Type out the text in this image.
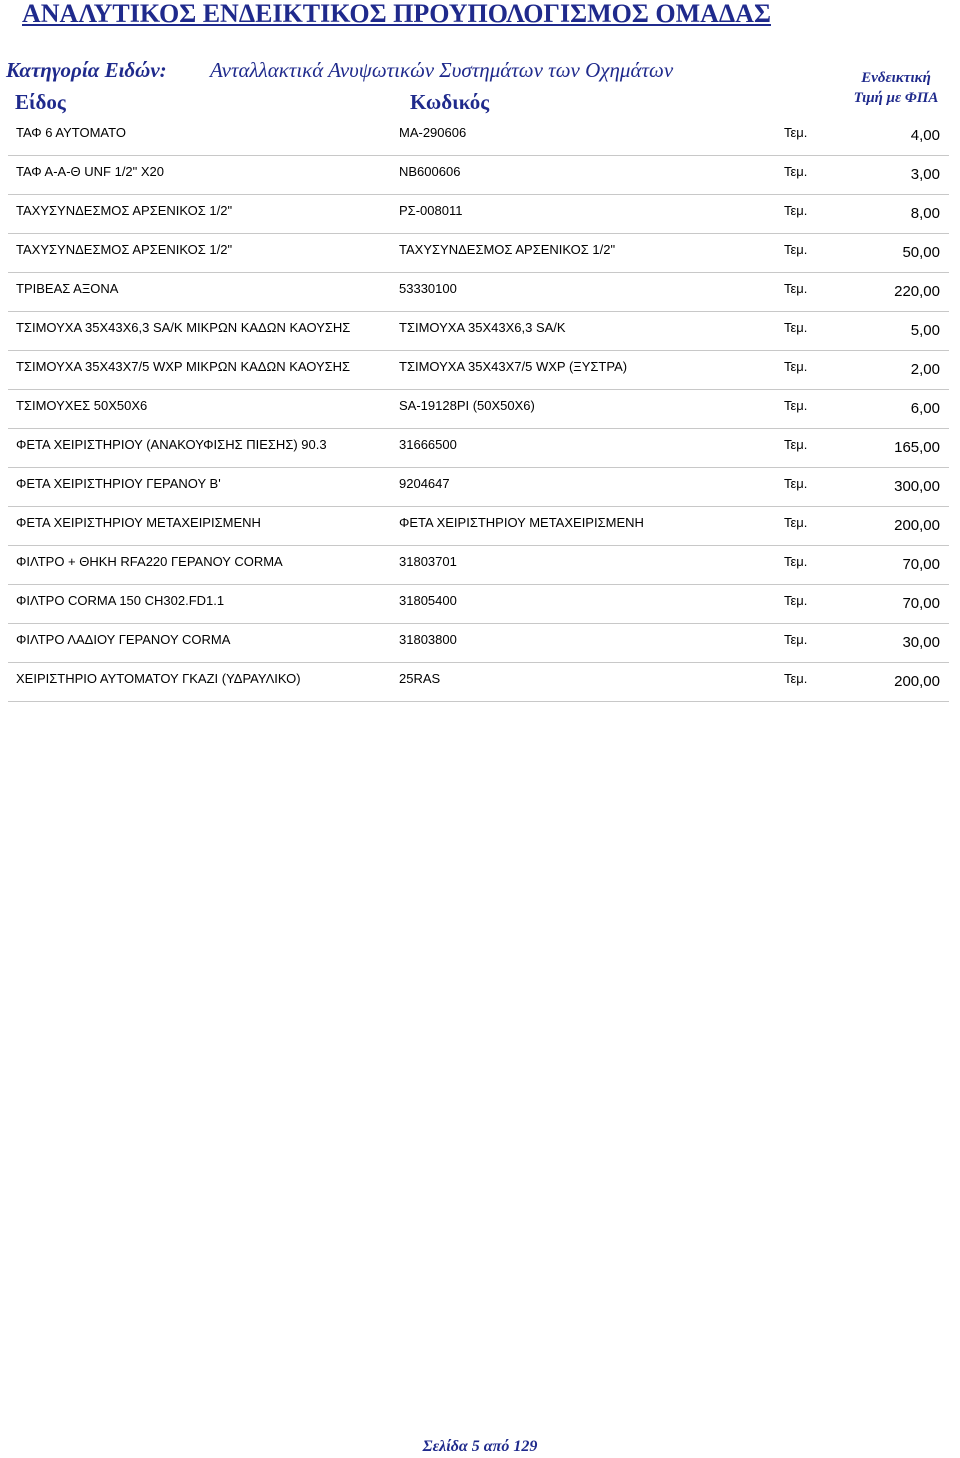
ΑΝΑΛΥΤΙΚΟΣ ΕΝΔΕΙΚΤΙΚΟΣ ΠΡΟΥΠΟΛΟΓΙΣΜΟΣ ΟΜΑΔΑΣ
Κατηγορία Ειδών: Ανταλλακτικά Ανυψωτικών Συστημάτων των Οχημάτων
Είδος	Κωδικός
Ενδεικτική
Τιμή με ΦΠΑ
ΤΑΦ 6 ΑΥΤΟΜΑΤΟ	ΜΑ-290606	Τεμ.	4,00
ΤΑΦ Α-Α-Θ UNF 1/2" X20	ΝΒ600606	Τεμ.	3,00
ΤΑΧΥΣΥΝΔΕΣΜΟΣ ΑΡΣΕΝΙΚΟΣ 1/2"	ΡΣ-008011	Τεμ.	8,00
ΤΑΧΥΣΥΝΔΕΣΜΟΣ ΑΡΣΕΝΙΚΟΣ 1/2"	ΤΑΧΥΣΥΝΔΕΣΜΟΣ ΑΡΣΕΝΙΚΟΣ 1/2"	Τεμ.	50,00
ΤΡΙΒΕΑΣ ΑΞΟΝΑ	53330100	Τεμ.	220,00
ΤΣΙΜΟΥΧΑ 35Χ43Χ6,3 SA/K ΜΙΚΡΩΝ ΚΑΔΩΝ ΚΑΟΥΣΗΣ	ΤΣΙΜΟΥΧΑ 35Χ43Χ6,3 SA/K	Τεμ.	5,00
ΤΣΙΜΟΥΧΑ 35Χ43Χ7/5 WXP ΜΙΚΡΩΝ ΚΑΔΩΝ ΚΑΟΥΣΗΣ	ΤΣΙΜΟΥΧΑ 35Χ43Χ7/5 WXP (ΞΥΣΤΡΑ)	Τεμ.	2,00
ΤΣΙΜΟΥΧΕΣ 50Χ50Χ6	SA-19128PI (50X50X6)	Τεμ.	6,00
ΦΕΤΑ ΧΕΙΡΙΣΤΗΡΙΟΥ (ΑΝΑΚΟΥΦΙΣΗΣ ΠΙΕΣΗΣ) 90.3	31666500	Τεμ.	165,00
ΦΕΤΑ ΧΕΙΡΙΣΤΗΡΙΟΥ ΓΕΡΑΝΟΥ Β'	9204647	Τεμ.	300,00
ΦΕΤΑ ΧΕΙΡΙΣΤΗΡΙΟΥ ΜΕΤΑΧΕΙΡΙΣΜΕΝΗ	ΦΕΤΑ ΧΕΙΡΙΣΤΗΡΙΟΥ ΜΕΤΑΧΕΙΡΙΣΜΕΝΗ	Τεμ.	200,00
ΦΙΛΤΡΟ + ΘΗΚΗ RFA220 ΓΕΡΑΝΟΥ CORMA	31803701	Τεμ.	70,00
ΦΙΛΤΡΟ CORMA 150 CH302.FD1.1	31805400	Τεμ.	70,00
ΦΙΛΤΡΟ ΛΑΔΙΟΥ ΓΕΡΑΝΟΥ CORMA	31803800	Τεμ.	30,00
ΧΕΙΡΙΣΤΗΡΙΟ ΑΥΤΟΜΑΤΟΥ ΓΚΑΖΙ (ΥΔΡΑΥΛΙΚΟ)	25RAS	Τεμ.	200,00
Σελίδα 5 από 129
